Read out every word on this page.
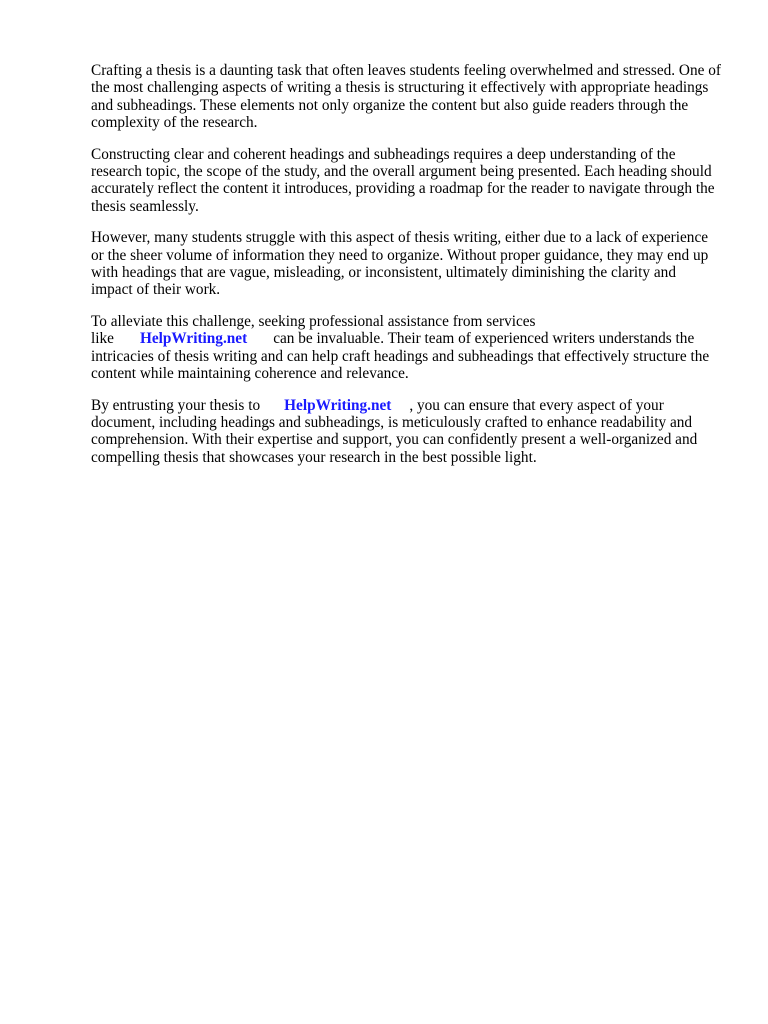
Crafting a thesis is a daunting task that often leaves students feeling overwhelmed and stressed. One of the most challenging aspects of writing a thesis is structuring it effectively with appropriate headings and subheadings. These elements not only organize the content but also guide readers through the complexity of the research.

Constructing clear and coherent headings and subheadings requires a deep understanding of the research topic, the scope of the study, and the overall argument being presented. Each heading should accurately reflect the content it introduces, providing a roadmap for the reader to navigate through the thesis seamlessly.

However, many students struggle with this aspect of thesis writing, either due to a lack of experience or the sheer volume of information they need to organize. Without proper guidance, they may end up with headings that are vague, misleading, or inconsistent, ultimately diminishing the clarity and impact of their work.

To alleviate this challenge, seeking professional assistance from services like HelpWriting.net can be invaluable. Their team of experienced writers understands the intricacies of thesis writing and can help craft headings and subheadings that effectively structure the content while maintaining coherence and relevance.

By entrusting your thesis to HelpWriting.net , you can ensure that every aspect of your document, including headings and subheadings, is meticulously crafted to enhance readability and comprehension. With their expertise and support, you can confidently present a well-organized and compelling thesis that showcases your research in the best possible light.
